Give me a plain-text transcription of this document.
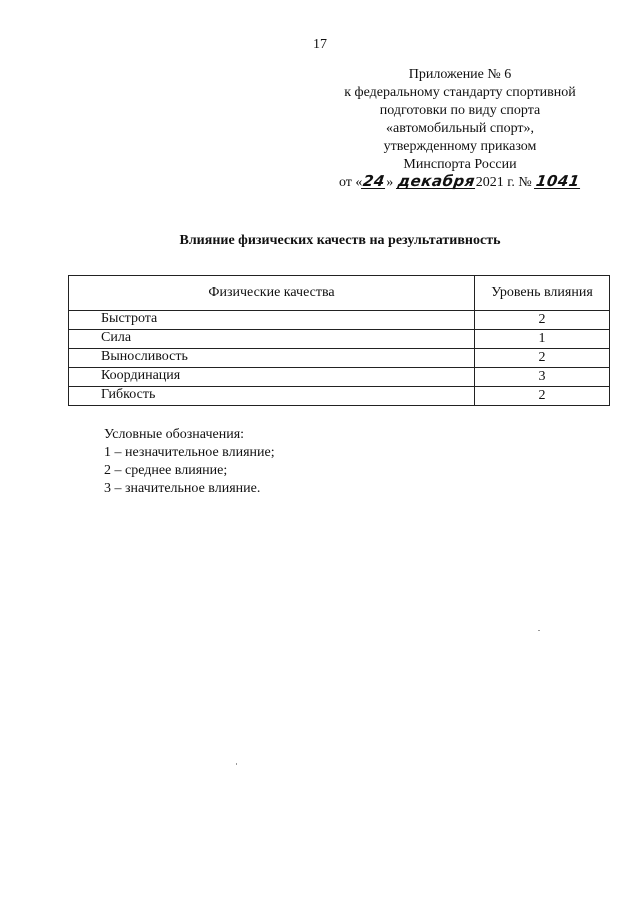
17
Приложение № 6
к федеральному стандарту спортивной
подготовки по виду спорта
«автомобильный спорт»,
утвержденному приказом
Минспорта России
от «24» декабря2021 г. № 1041
Влияние физических качеств на результативность
Физические качества	Уровень влияния
Быстрота	2
Сила	1
Выносливость	2
Координация	3
Гибкость	2
Условные обозначения:
1 – незначительное влияние;
2 – среднее влияние;
3 – значительное влияние.
